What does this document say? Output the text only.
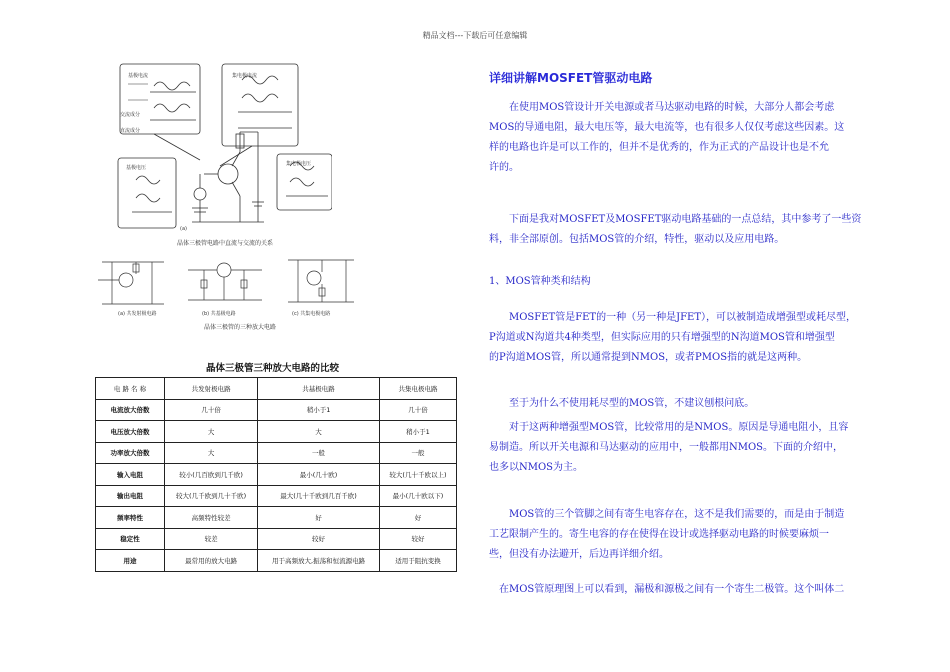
精品文档---下载后可任意编辑
晶体三极管电路中直流与交流的关系
(a)
基极电流	集电极电流
基极电压
集电极电压
交流成分
直流成分
(a) 共发射极电路	(b) 共基极电路	(c) 共集电极电路
晶体三极管的三种放大电路
晶体三极管三种放大电路的比较
电 路 名 称	共发射极电路	共基极电路	共集电极电路
电流放大倍数	几十倍	稍小于1	几十倍
电压放大倍数	大	大	稍小于1
功率放大倍数	大	一般	一般
输入电阻	较小(几百欧到几千欧)	最小(几十欧)	较大(几十千欧以上)
输出电阻	较大(几千欧到几十千欧)	最大(几十千欧到几百千欧)	最小(几十欧以下)
频率特性	高频特性较差	好	好
稳定性	较差	较好	较好
用途	最常用的放大电路	用于高频放大,振荡和恒流源电路	适用于阻抗变换
详细讲解MOSFET管驱动电路
　　在使用MOS管设计开关电源或者马达驱动电路的时候，大部分人都会考虑
MOS的导通电阻，最大电压等，最大电流等，也有很多人仅仅考虑这些因素。这
样的电路也许是可以工作的，但并不是优秀的，作为正式的产品设计也是不允
许的。
　　下面是我对MOSFET及MOSFET驱动电路基础的一点总结，其中参考了一些资
料，非全部原创。包括MOS管的介绍，特性，驱动以及应用电路。
1、MOS管种类和结构
　　MOSFET管是FET的一种（另一种是JFET），可以被制造成增强型或耗尽型，
P沟道或N沟道共4种类型，但实际应用的只有增强型的N沟道MOS管和增强型
的P沟道MOS管，所以通常提到NMOS，或者PMOS指的就是这两种。
　　至于为什么不使用耗尽型的MOS管，不建议刨根问底。
　　对于这两种增强型MOS管，比较常用的是NMOS。原因是导通电阻小，且容
易制造。所以开关电源和马达驱动的应用中，一般都用NMOS。下面的介绍中，
也多以NMOS为主。
　　MOS管的三个管脚之间有寄生电容存在，这不是我们需要的，而是由于制造
工艺限制产生的。寄生电容的存在使得在设计或选择驱动电路的时候要麻烦一
些，但没有办法避开，后边再详细介绍。
　在MOS管原理图上可以看到，漏极和源极之间有一个寄生二极管。这个叫体二
